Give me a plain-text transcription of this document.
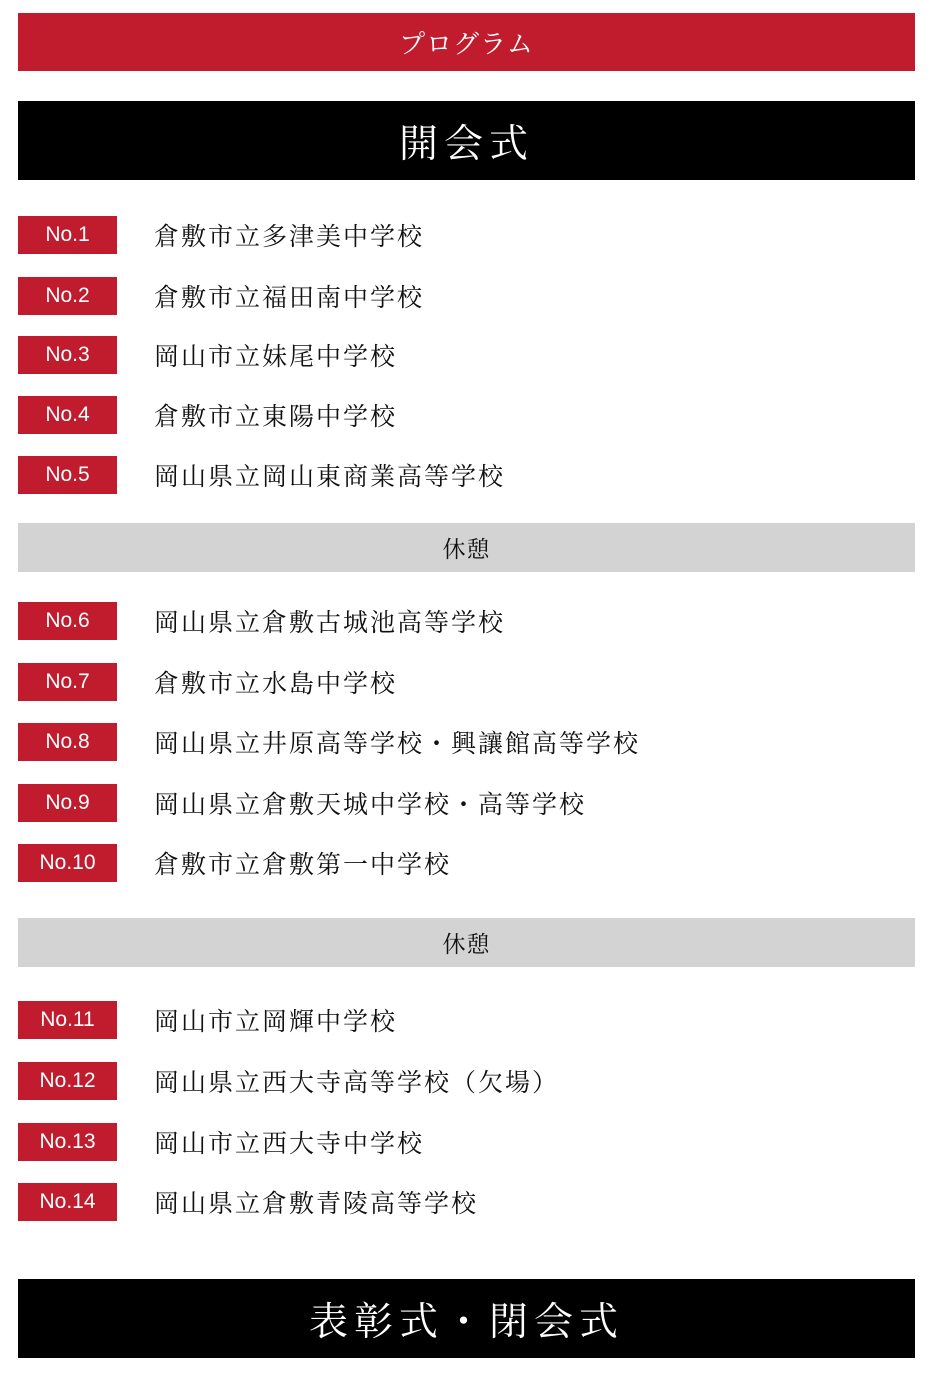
プログラム
開会式
No.1	倉敷市立多津美中学校
No.2	倉敷市立福田南中学校
No.3	岡山市立妹尾中学校
No.4	倉敷市立東陽中学校
No.5	岡山県立岡山東商業高等学校
休憩
No.6	岡山県立倉敷古城池高等学校
No.7	倉敷市立水島中学校
No.8	岡山県立井原高等学校・興讓館高等学校
No.9	岡山県立倉敷天城中学校・高等学校
No.10	倉敷市立倉敷第一中学校
休憩
No.11	岡山市立岡輝中学校
No.12	岡山県立西大寺高等学校（欠場）
No.13	岡山市立西大寺中学校
No.14	岡山県立倉敷青陵高等学校
表彰式・閉会式
